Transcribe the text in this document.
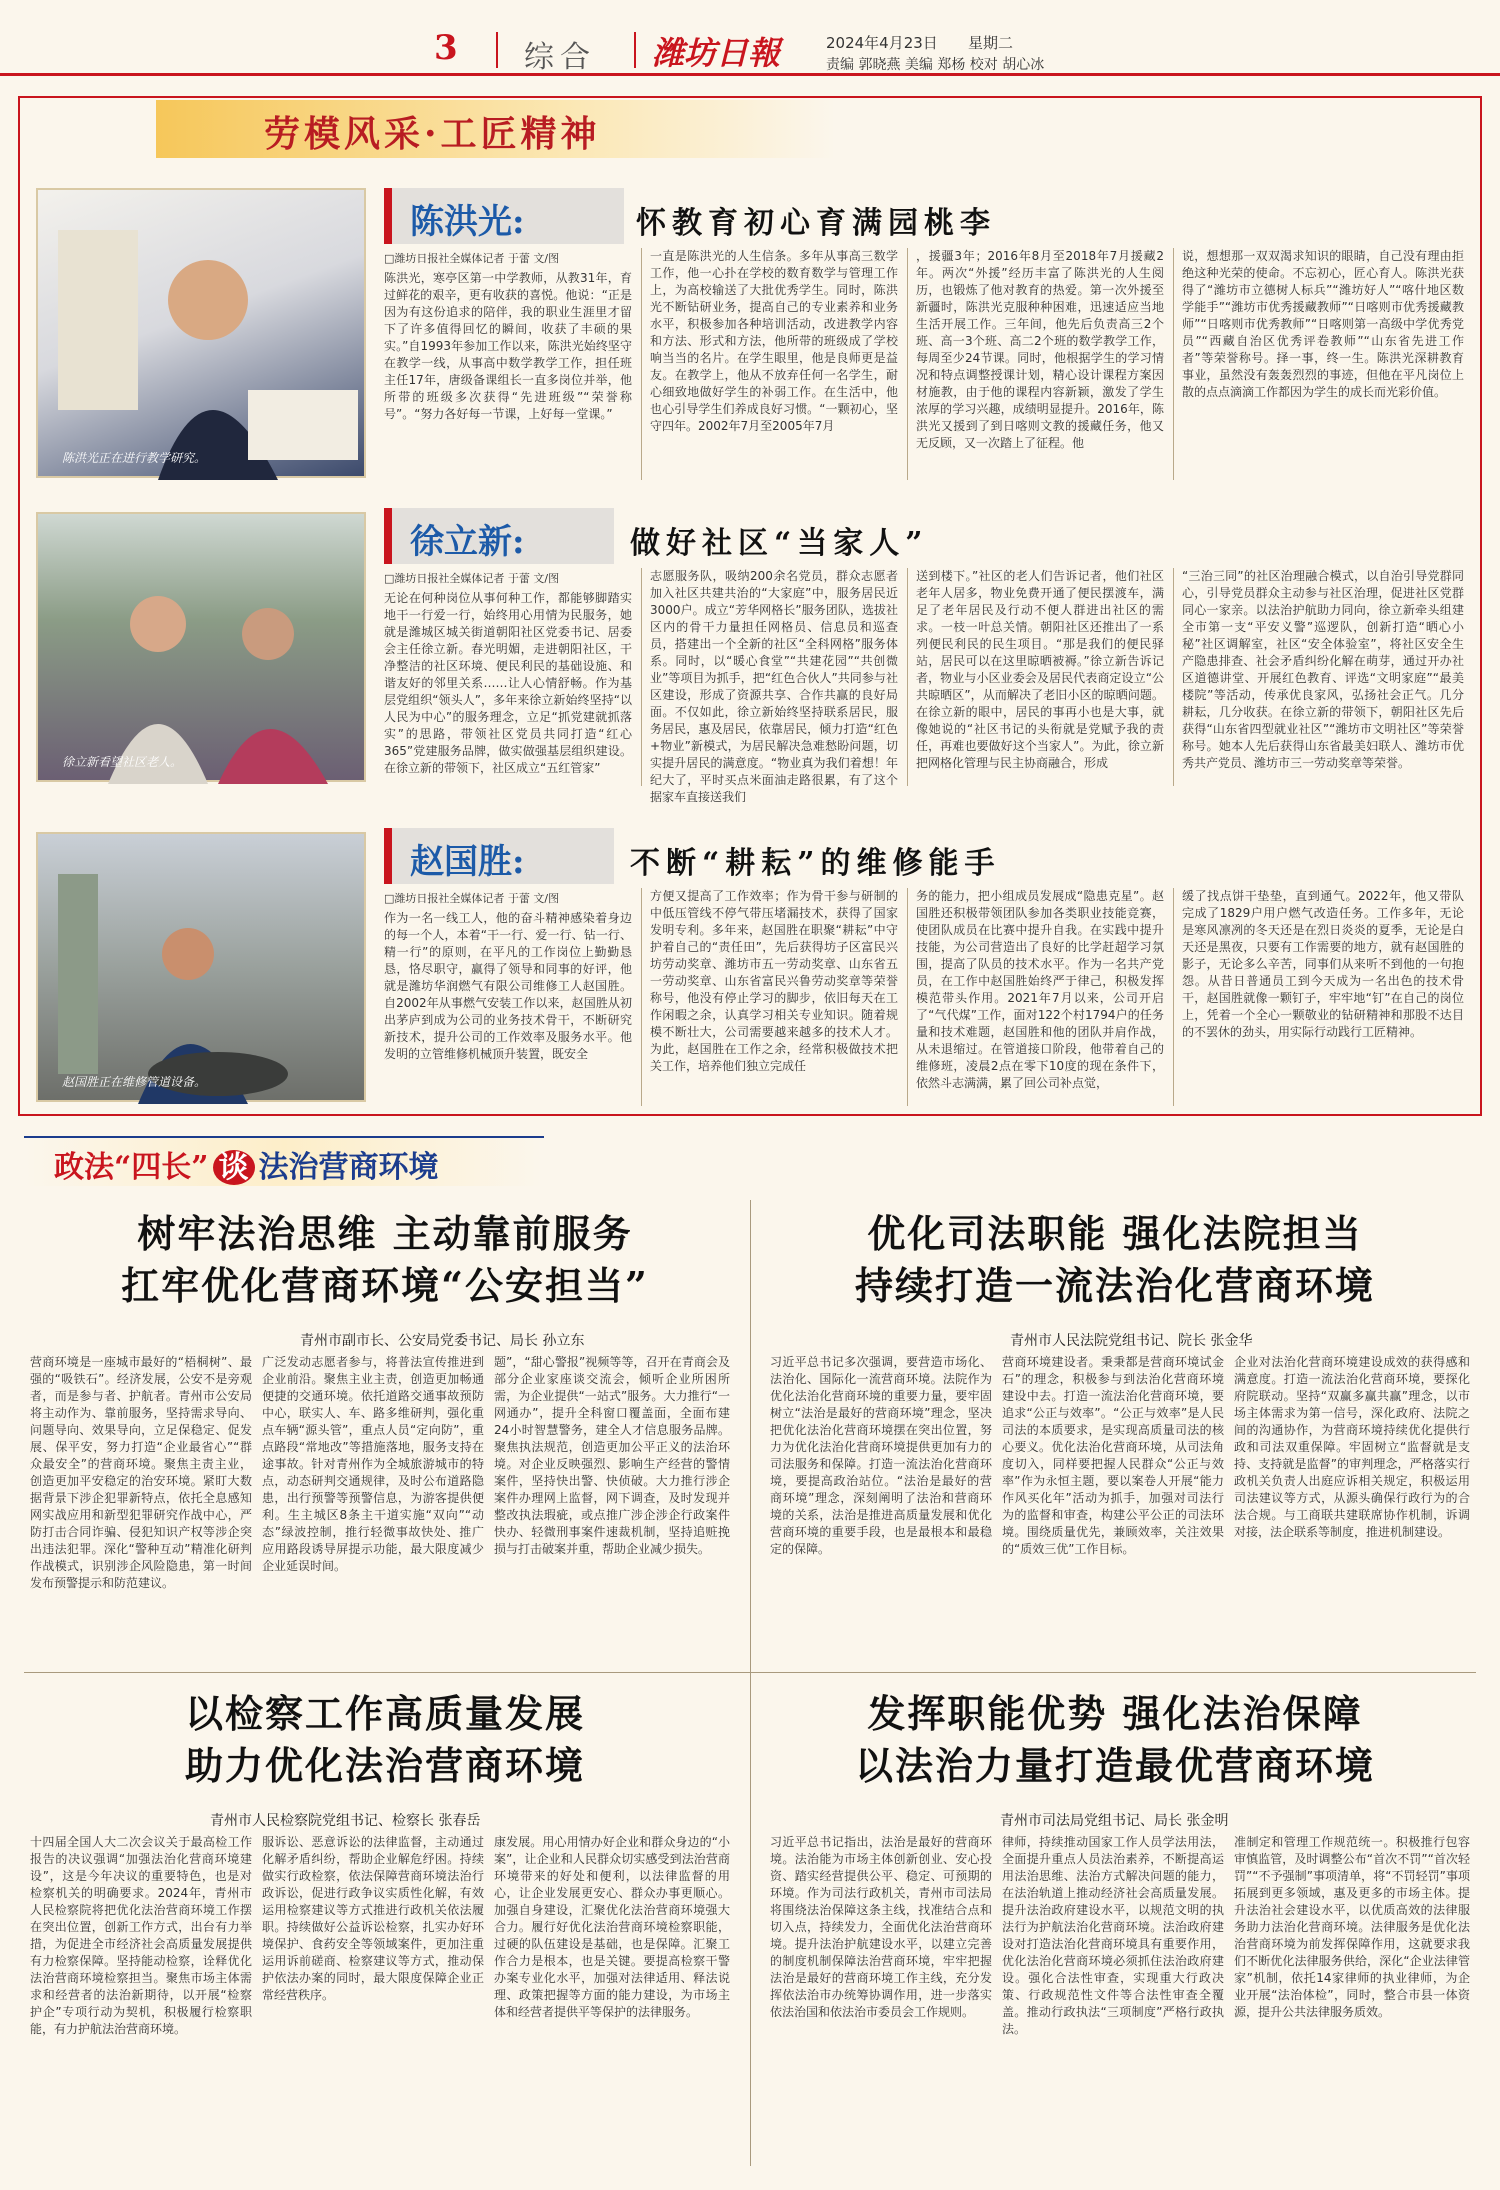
3 综合 潍坊日報	2024年4月23日 星期二
责编 郭晓燕 美编 郑杨 校对 胡心冰
劳模风采·工匠精神
陈洪光正在进行教学研究。
陈洪光:	怀教育初心育满园桃李
□潍坊日报社全媒体记者 于蕾 文/图
陈洪光，寒亭区第一中学教师，从教31年，育过鲜花的艰辛，更有收获的喜悦。他说：“正是因为有这份追求的陪伴，我的职业生涯里才留下了许多值得回忆的瞬间，收获了丰硕的果实。”自1993年参加工作以来，陈洪光始终坚守在教学一线，从事高中数学教学工作，担任班主任17年，唐级备课组长一直多岗位并举，他所带的班级多次获得“先进班级”“荣誉称号”。“努力各好每一节课，上好每一堂课。”
一直是陈洪光的人生信条。多年从事高三数学工作，他一心扑在学校的数育数学与管理工作上，为高校输送了大批优秀学生。同时，陈洪光不断钻研业务，提高自己的专业素养和业务水平，积极参加各种培训活动，改进教学内容和方法、形式和方法，他所带的班级成了学校响当当的名片。在学生眼里，他是良师更是益友。在教学上，他从不放弃任何一名学生，耐心细致地做好学生的补弱工作。在生活中，他也心引导学生们养成良好习惯。“一颗初心，坚守四年。2002年7月至2005年7月
，援疆3年；2016年8月至2018年7月援藏2年。两次“外援”经历丰富了陈洪光的人生阅历，也锻炼了他对教育的热爱。第一次外援至新疆时，陈洪光克服种种困难，迅速适应当地生活开展工作。三年间，他先后负责高三2个班、高一3个班、高二2个班的数学教学工作，每周至少24节课。同时，他根据学生的学习情况和特点调整授课计划，精心设计课程方案因材施教，由于他的课程内容新颖，激发了学生浓厚的学习兴趣，成绩明显提升。2016年，陈洪光又援到了到日喀则文教的援藏任务，他又无反顾，又一次踏上了征程。他
说，想想那一双双渴求知识的眼睛，自己没有理由拒绝这种光荣的使命。不忘初心，匠心育人。陈洪光获得了“潍坊市立德树人标兵”“潍坊好人”“喀什地区数学能手”“潍坊市优秀援藏教师”“日喀则市优秀援藏教师”“日喀则市优秀教师”“日喀则第一高级中学优秀党员”“西藏自治区优秀评卷教师”“山东省先进工作者”等荣誉称号。择一事，终一生。陈洪光深耕教育事业，虽然没有轰轰烈烈的事迹，但他在平凡岗位上散的点点滴滴工作都因为学生的成长而光彩价值。
徐立新看望社区老人。
徐立新:	做好社区“当家人”
□潍坊日报社全媒体记者 于蕾 文/图
无论在何种岗位从事何种工作，都能够脚踏实地干一行爱一行，始终用心用情为民服务，她就是潍城区城关街道朝阳社区党委书记、居委会主任徐立新。春光明媚，走进朝阳社区，干净整洁的社区环境、便民利民的基础设施、和谐友好的邻里关系……让人心情舒畅。作为基层党组织“领头人”，多年来徐立新始终坚持“以人民为中心”的服务理念，立足“抓党建就抓落实”的思路，带领社区党员共同打造“红心365”党建服务品牌，做实做强基层组织建设。在徐立新的带领下，社区成立“五红管家”
志愿服务队，吸纳200余名党员，群众志愿者加入社区共建共治的“大家庭”中，服务居民近3000户。成立“芳华网格长”服务团队，选拔社区内的骨干力量担任网格员、信息员和巡查员，搭建出一个全新的社区“全科网格”服务体系。同时，以“暖心食堂”“共建花园”“共创微业”等项目为抓手，把“红色合伙人”共同参与社区建设，形成了资源共享、合作共赢的良好局面。不仅如此，徐立新始终坚持联系居民，服务居民，惠及居民，依靠居民，倾力打造“红色+物业”新模式，为居民解决急难愁盼问题，切实提升居民的满意度。“物业真为我们着想！年纪大了，平时买点米面油走路很累，有了这个据家车直接送我们
送到楼下。”社区的老人们告诉记者，他们社区老年人居多，物业免费开通了便民摆渡车，满足了老年居民及行动不便人群进出社区的需求。一枝一叶总关情。朝阳社区还推出了一系列便民利民的民生项目。“那是我们的便民驿站，居民可以在这里晾晒被褥。”徐立新告诉记者，物业与小区业委会及居民代表商定设立“公共晾晒区”，从而解决了老旧小区的晾晒问题。在徐立新的眼中，居民的事再小也是大事，就像她说的“社区书记的头衔就是党赋予我的责任，再难也要做好这个当家人”。为此，徐立新把网格化管理与民主协商融合，形成
“三治三同”的社区治理融合模式，以自治引导党群同心，引导党员群众主动参与社区治理，促进社区党群同心一家亲。以法治护航助力同向，徐立新牵头组建全市第一支“平安义警”巡逻队，创新打造“晒心小秘”社区调解室，社区“安全体验室”，将社区安全生产隐患排查、社会矛盾纠纷化解在萌芽，通过开办社区道德讲堂、开展红色教育、评选“文明家庭”“最美楼院”等活动，传承优良家风，弘扬社会正气。几分耕耘，几分收获。在徐立新的带领下，朝阳社区先后获得“山东省四型就业社区”“潍坊市文明社区”等荣誉称号。她本人先后获得山东省最美妇联人、潍坊市优秀共产党员、潍坊市三一劳动奖章等荣誉。
赵国胜正在维修管道设备。
赵国胜:	不断“耕耘”的维修能手
□潍坊日报社全媒体记者 于蕾 文/图
作为一名一线工人，他的奋斗精神感染着身边的每一个人，本着“干一行、爱一行、钻一行、精一行”的原则，在平凡的工作岗位上勤勤恳恳，恪尽职守，赢得了领导和同事的好评，他就是潍坊华润燃气有限公司维修工人赵国胜。自2002年从事燃气安装工作以来，赵国胜从初出茅庐到成为公司的业务技术骨干，不断研究新技术，提升公司的工作效率及服务水平。他发明的立管维修机械顶升装置，既安全
方便又提高了工作效率；作为骨干参与研制的中低压管线不停气带压堵漏技术，获得了国家发明专利。多年来，赵国胜在职聚“耕耘”中守护着自己的“责任田”，先后获得坊子区富民兴坊劳动奖章、潍坊市五一劳动奖章、山东省五一劳动奖章、山东省富民兴鲁劳动奖章等荣誉称号，他没有停止学习的脚步，依旧每天在工作闲暇之余，认真学习相关专业知识。随着规模不断壮大，公司需要越来越多的技术人才。为此，赵国胜在工作之余，经常积极做技术把关工作，培养他们独立完成任
务的能力，把小组成员发展成“隐患克星”。赵国胜还积极带领团队参加各类职业技能竞赛，使团队成员在比赛中提升自我。在实践中提升技能，为公司营造出了良好的比学赶超学习氛围，提高了队员的技术水平。作为一名共产党员，在工作中赵国胜始终严于律己，积极发挥模范带头作用。2021年7月以来，公司开启了“气代煤”工作，面对122个村1794户的任务量和技术难题，赵国胜和他的团队并肩作战，从未退缩过。在管道接口阶段，他带着自己的维修班，凌晨2点在零下10度的现在条件下，依然斗志满满，累了回公司补点觉，
缓了找点饼干垫垫，直到通气。2022年，他又带队完成了1829户用户燃气改造任务。工作多年，无论是寒风凛冽的冬天还是在烈日炎炎的夏季，无论是白天还是黑夜，只要有工作需要的地方，就有赵国胜的影子，无论多么辛苦，同事们从来听不到他的一句抱怨。从昔日普通员工到今天成为一名出色的技术骨干，赵国胜就像一颗钉子，牢牢地“钉”在自己的岗位上，凭着一个全心一颗敬业的钻研精神和那股不达目的不罢休的劲头，用实际行动践行工匠精神。
政法“四长” 谈 法治营商环境
树牢法治思维 主动靠前服务
扛牢优化营商环境“公安担当”
青州市副市长、公安局党委书记、局长 孙立东
营商环境是一座城市最好的“梧桐树”、最强的“吸铁石”。经济发展，公安不是旁观者，而是参与者、护航者。青州市公安局将主动作为、靠前服务，坚持需求导向、问题导向、效果导向，立足保稳定、促发展、保平安，努力打造“企业最省心”“群众最安全”的营商环境。聚焦主责主业，创造更加平安稳定的治安环境。紧盯大数据背景下涉企犯罪新特点，依托全息感知网实战应用和新型犯罪研究作战中心，严防打击合同诈骗、侵犯知识产权等涉企突出违法犯罪。深化“警种互动”精准化研判作战模式，识别涉企风险隐患，第一时间发布预警提示和防范建议。
广泛发动志愿者参与，将普法宣传推进到企业前沿。聚焦主业主责，创造更加畅通便捷的交通环境。依托道路交通事故预防中心，联实人、车、路多维研判，强化重点车辆“源头管”，重点人员“定向防”，重点路段“常地改”等措施落地，服务支持在途事故。针对青州作为全城旅游城市的特点，动态研判交通规律，及时公布道路隐患，出行预警等预警信息，为游客提供便利。生主城区8条主干道实施“双向”“动态”绿波控制，推行轻微事故快处、推广应用路段诱导屏提示功能，最大限度减少企业延误时间。
题”，“甜心警报”视频等等，召开在青商会及部分企业家座谈交流会，倾听企业所困所需，为企业提供“一站式”服务。大力推行“一网通办”，提升全科窗口覆盖面，全面布建24小时智慧警务，建全人才信息服务品牌。聚焦执法规范，创造更加公平正义的法治环境。对企业反映强烈、影响生产经营的警情案件，坚持快出警、快侦破。大力推行涉企案件办理网上监督，网下调查，及时发现并整改执法瑕疵，或点推广涉企涉企行政案件快办、轻微刑事案件速裁机制，坚持追赃挽损与打击破案并重，帮助企业减少损失。
优化司法职能 强化法院担当
持续打造一流法治化营商环境
青州市人民法院党组书记、院长 张金华
习近平总书记多次强调，要营造市场化、法治化、国际化一流营商环境。法院作为优化法治化营商环境的重要力量，要牢固树立“法治是最好的营商环境”理念，坚决把优化法治化营商环境摆在突出位置，努力为优化法治化营商环境提供更加有力的司法服务和保障。打造一流法治化营商环境，要提高政治站位。“法治是最好的营商环境”理念，深刻阐明了法治和营商环境的关系，法治是推进高质量发展和优化营商环境的重要手段，也是最根本和最稳定的保障。
营商环境建设者。秉秉都是营商环境试金石”的理念，积极参与到法治化营商环境建设中去。打造一流法治化营商环境，要追求“公正与效率”。“公正与效率”是人民司法的本质要求，是实现高质量司法的核心要义。优化法治化营商环境，从司法角度切入，同样要把握人民群众“公正与效率”作为永恒主题，要以案卷人开展“能力作风买化年”活动为抓手，加强对司法行为的监督和审查，构建公平公正的司法环境。围绕质量优先，兼顾效率，关注效果的“质效三优”工作目标。
企业对法治化营商环境建设成效的获得感和满意度。打造一流法治化营商环境，要探化府院联动。坚持“双赢多赢共赢”理念，以市场主体需求为第一信号，深化政府、法院之间的沟通协作，为营商环境持续优化提供行政和司法双重保障。牢固树立“监督就是支持、支持就是监督”的审判理念，严格落实行政机关负责人出庭应诉相关规定，积极运用司法建议等方式，从源头确保行政行为的合法合规。与工商联共建联席协作机制，诉调对接，法企联系等制度，推进机制建设。
以检察工作高质量发展
助力优化法治营商环境
青州市人民检察院党组书记、检察长 张春岳
十四届全国人大二次会议关于最高检工作报告的决议强调“加强法治化营商环境建设”，这是今年决议的重要特色，也是对检察机关的明确要求。2024年，青州市人民检察院将把优化法治营商环境工作摆在突出位置，创新工作方式，出台有力举措，为促进全市经济社会高质量发展提供有力检察保障。坚持能动检察，诠释优化法治营商环境检察担当。聚焦市场主体需求和经营者的法治新期待，以开展“检察护企”专项行动为契机，积极履行检察职能，有力护航法治营商环境。
服诉讼、恶意诉讼的法律监督，主动通过化解矛盾纠纷，帮助企业解危纾困。持续做实行政检察，依法保障营商环境法治行政诉讼，促进行政争议实质性化解，有效运用检察建议等方式推进行政机关依法履职。持续做好公益诉讼检察，扎实办好环境保护、食药安全等领域案件，更加注重运用诉前磋商、检察建议等方式，推动保护依法办案的同时，最大限度保障企业正常经营秩序。
康发展。用心用情办好企业和群众身边的“小案”，让企业和人民群众切实感受到法治营商环境带来的好处和便利，以法律监督的用心，让企业发展更安心、群众办事更顺心。加强自身建设，汇聚优化法治营商环境强大合力。履行好优化法治营商环境检察职能，过硬的队伍建设是基础，也是保障。汇聚工作合力是根本，也是关键。要提高检察干警办案专业化水平，加强对法律适用、释法说理、政策把握等方面的能力建设，为市场主体和经营者提供平等保护的法律服务。
发挥职能优势 强化法治保障
以法治力量打造最优营商环境
青州市司法局党组书记、局长 张金明
习近平总书记指出，法治是最好的营商环境。法治能为市场主体创新创业、安心投资、踏实经营提供公平、稳定、可预期的环境。作为司法行政机关，青州市司法局将围绕法治保障这条主线，找准结合点和切入点，持续发力，全面优化法治营商环境。提升法治护航建设水平，以建立完善的制度机制保障法治营商环境，牢牢把握法治是最好的营商环境工作主线，充分发挥依法治市办统筹协调作用，进一步落实依法治国和依法治市委员会工作规则。
律师，持续推动国家工作人员学法用法，全面提升重点人员法治素养，不断提高运用法治思维、法治方式解决问题的能力，在法治轨道上推动经济社会高质量发展。提升法治政府建设水平，以规范文明的执法行为护航法治化营商环境。法治政府建设对打造法治化营商环境具有重要作用，优化法治化营商环境必须抓住法治政府建设。强化合法性审查，实现重大行政决策、行政规范性文件等合法性审查全覆盖。推动行政执法“三项制度”严格行政执法。
准制定和管理工作规范统一。积极推行包容审慎监管，及时调整公布“首次不罚”“首次轻罚”“不予强制”事项清单，将“不罚轻罚”事项拓展到更多领域，惠及更多的市场主体。提升法治社会建设水平，以优质高效的法律服务助力法治化营商环境。法律服务是优化法治营商环境为前发挥保障作用，这就要求我们不断优化法律服务供给，深化“企业法律管家”机制，依托14家律师的执业律师，为企业开展“法治体检”，同时，整合市县一体资源，提升公共法律服务质效。
